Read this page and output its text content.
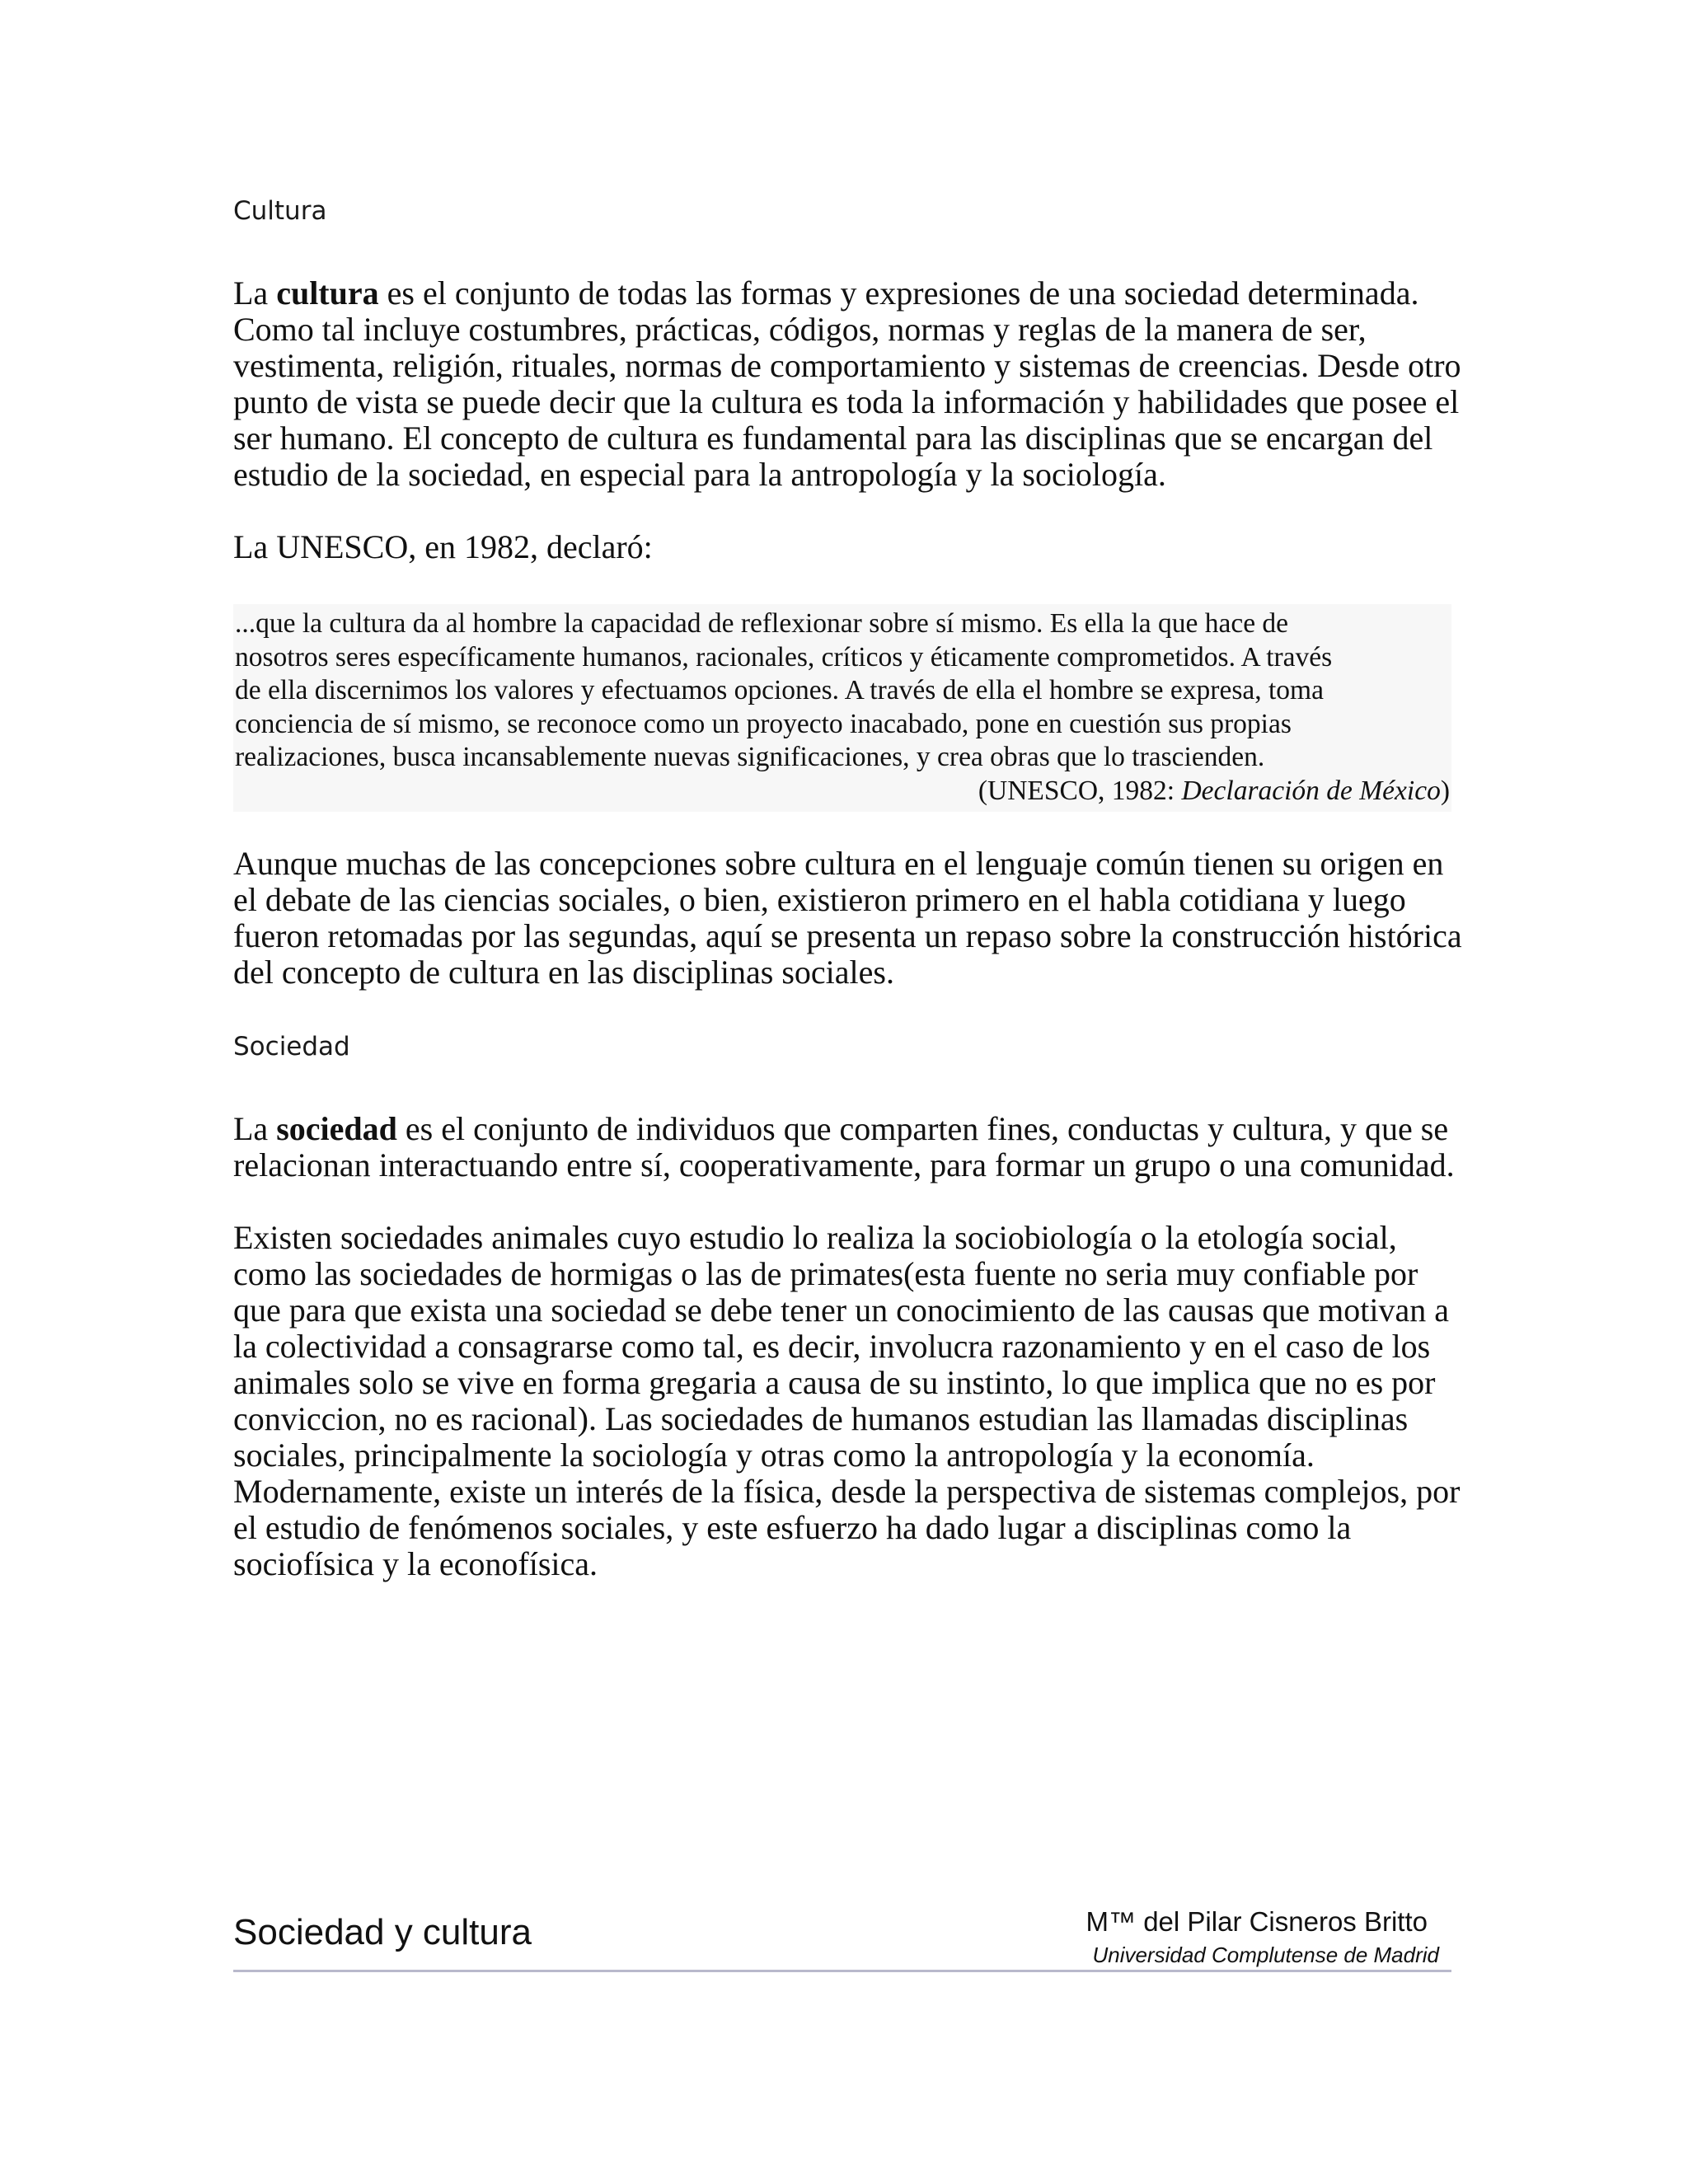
Cultura

La cultura es el conjunto de todas las formas y expresiones de una sociedad determinada.
Como tal incluye costumbres, prácticas, códigos, normas y reglas de la manera de ser,
vestimenta, religión, rituales, normas de comportamiento y sistemas de creencias. Desde otro
punto de vista se puede decir que la cultura es toda la información y habilidades que posee el
ser humano. El concepto de cultura es fundamental para las disciplinas que se encargan del
estudio de la sociedad, en especial para la antropología y la sociología.

La UNESCO, en 1982, declaró:

...que la cultura da al hombre la capacidad de reflexionar sobre sí mismo. Es ella la que hace de
nosotros seres específicamente humanos, racionales, críticos y éticamente comprometidos. A través
de ella discernimos los valores y efectuamos opciones. A través de ella el hombre se expresa, toma
conciencia de sí mismo, se reconoce como un proyecto inacabado, pone en cuestión sus propias
realizaciones, busca incansablemente nuevas significaciones, y crea obras que lo trascienden.

(UNESCO, 1982: Declaración de México)

Aunque muchas de las concepciones sobre cultura en el lenguaje común tienen su origen en
el debate de las ciencias sociales, o bien, existieron primero en el habla cotidiana y luego
fueron retomadas por las segundas, aquí se presenta un repaso sobre la construcción histórica
del concepto de cultura en las disciplinas sociales.

Sociedad

La sociedad es el conjunto de individuos que comparten fines, conductas y cultura, y que se
relacionan interactuando entre sí, cooperativamente, para formar un grupo o una comunidad.

Existen sociedades animales cuyo estudio lo realiza la sociobiología o la etología social,
como las sociedades de hormigas o las de primates(esta fuente no seria muy confiable por
que para que exista una sociedad se debe tener un conocimiento de las causas que motivan a
la colectividad a consagrarse como tal, es decir, involucra razonamiento y en el caso de los
animales solo se vive en forma gregaria a causa de su instinto, lo que implica que no es por
conviccion, no es racional). Las sociedades de humanos estudian las llamadas disciplinas
sociales, principalmente la sociología y otras como la antropología y la economía.
Modernamente, existe un interés de la física, desde la perspectiva de sistemas complejos, por
el estudio de fenómenos sociales, y este esfuerzo ha dado lugar a disciplinas como la
sociofísica y la econofísica.

Sociedad y cultura	M™ del Pilar Cisneros Britto
Universidad Complutense de Madrid
